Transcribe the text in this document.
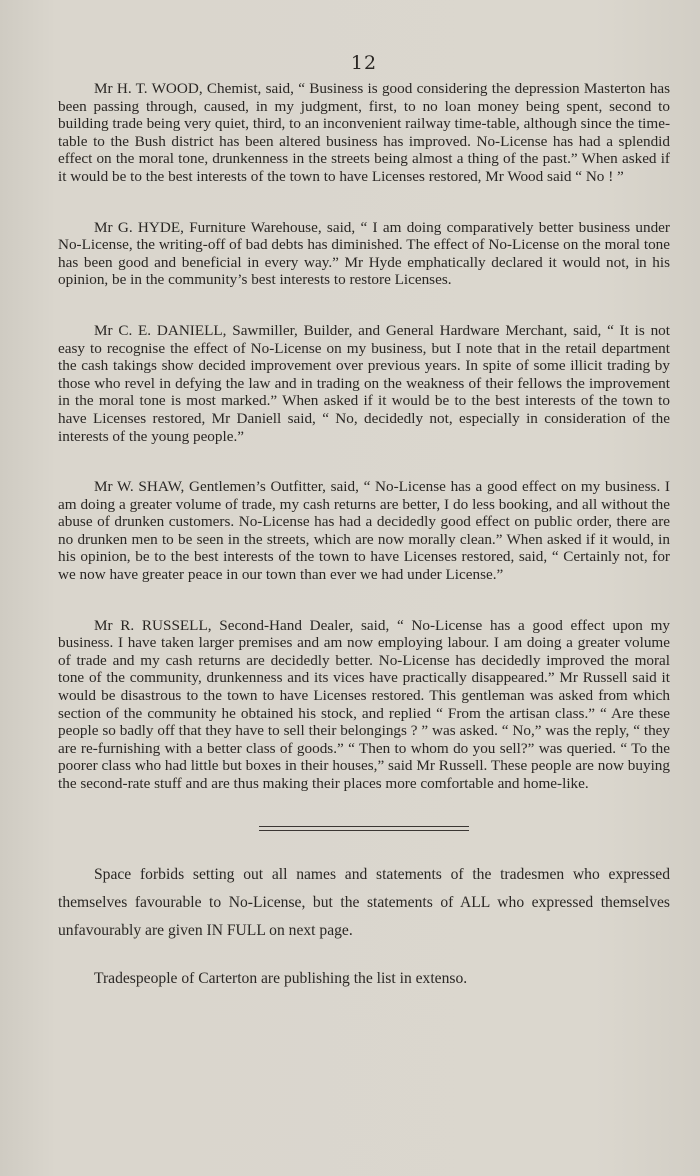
12

Mr H. T. WOOD, Chemist, said, “ Business is good considering the depression Masterton has been passing through, caused, in my judgment, first, to no loan money being spent, second to building trade being very quiet, third, to an inconvenient railway time-table, although since the time-table to the Bush district has been altered business has improved. No-License has had a splendid effect on the moral tone, drunkenness in the streets being almost a thing of the past.” When asked if it would be to the best interests of the town to have Licenses restored, Mr Wood said “ No ! ”

Mr G. HYDE, Furniture Warehouse, said, “ I am doing comparatively better business under No-License, the writing-off of bad debts has diminished. The effect of No-License on the moral tone has been good and beneficial in every way.” Mr Hyde emphatically declared it would not, in his opinion, be in the community’s best interests to restore Licenses.

Mr C. E. DANIELL, Sawmiller, Builder, and General Hardware Merchant, said, “ It is not easy to recognise the effect of No-License on my business, but I note that in the retail department the cash takings show decided improvement over previous years. In spite of some illicit trading by those who revel in defying the law and in trading on the weakness of their fellows the improvement in the moral tone is most marked.” When asked if it would be to the best interests of the town to have Licenses restored, Mr Daniell said, “ No, decidedly not, especially in consideration of the interests of the young people.”

Mr W. SHAW, Gentlemen’s Outfitter, said, “ No-License has a good effect on my business. I am doing a greater volume of trade, my cash returns are better, I do less booking, and all without the abuse of drunken customers. No-License has had a decidedly good effect on public order, there are no drunken men to be seen in the streets, which are now morally clean.” When asked if it would, in his opinion, be to the best interests of the town to have Licenses restored, said, “ Certainly not, for we now have greater peace in our town than ever we had under License.”

Mr R. RUSSELL, Second-Hand Dealer, said, “ No-License has a good effect upon my business. I have taken larger premises and am now employing labour. I am doing a greater volume of trade and my cash returns are decidedly better. No-License has decidedly improved the moral tone of the community, drunkenness and its vices have practically disappeared.” Mr Russell said it would be disastrous to the town to have Licenses restored. This gentleman was asked from which section of the community he obtained his stock, and replied “ From the artisan class.” “ Are these people so badly off that they have to sell their belongings ? ” was asked. “ No,” was the reply, “ they are re-furnishing with a better class of goods.” “ Then to whom do you sell?” was queried. “ To the poorer class who had little but boxes in their houses,” said Mr Russell. These people are now buying the second-rate stuff and are thus making their places more comfortable and home-like.

Space forbids setting out all names and statements of the tradesmen who expressed themselves favourable to No-License, but the statements of ALL who expressed themselves unfavourably are given IN FULL on next page.

Tradespeople of Carterton are publishing the list in extenso.
